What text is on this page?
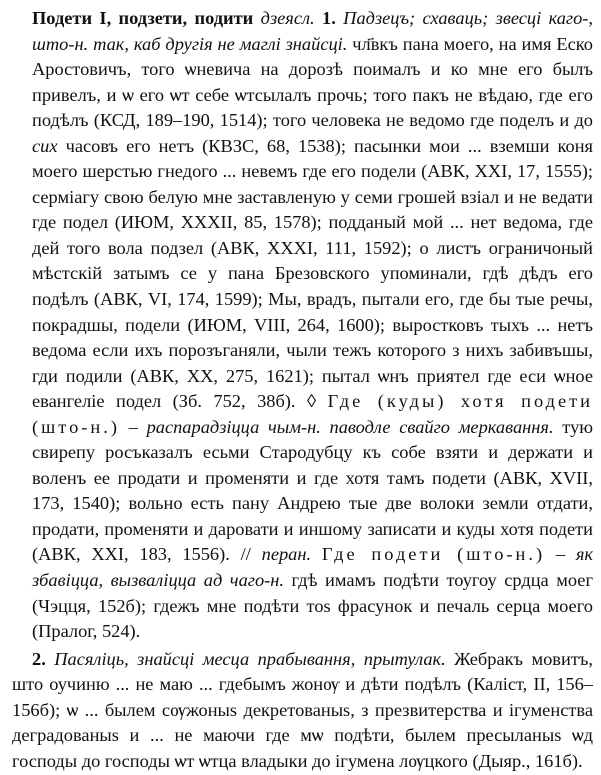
Подети I, подзети, подити дзеясл. 1. Падзецъ; схаваць; звесці каго-, што-н. так, каб другія не маглі знайсці. чл҃вкъ пана моего, на имя Еско Аростовичъ, того ѡневича на дорозѣ поималъ и ко мне его былъ привелъ, и ѡ его ѡт себе ѡтсылалъ прочь; того пакъ не вѣдаю, где его подѣлъ (КСД, 189–190, 1514); того человека не ведомо где поделъ и до сих часовъ его нетъ (КВЗС, 68, 1538); пасынки мои ... вземши коня моего шерстью гнедого ... невемъ где его подели (АВК, XXI, 17, 1555); серміагу свою белую мне заставленую у семи грошей взіал и не ведати где подел (ИЮМ, XXXII, 85, 1578); подданый мой ... нет ведома, где дей того вола подзел (АВК, XXXI, 111, 1592); о листъ ограничоный мѣстскій затымъ се у пана Брезовского упоминали, гдѣ дѣдъ его подѣлъ (АВК, VI, 174, 1599); Мы, врадъ, пытали его, где бы тые речы, покрадшы, подели (ИЮМ, VIII, 264, 1600); выростковъ тыхъ ... нетъ ведома если ихъ порозъганяли, чыли тежъ которого з нихъ забивъшы, гди подили (АВК, XX, 275, 1621); пытал ѡнъ приятел где еси ѡное евангеліе подел (Зб. 752, 38б). ◊ Где (куды) хотя подети (што-н.) – распарадзіцца чым-н. паводле свайго меркавання. тую свирепу росъказалъ есьми Стародубцу къ собе взяти и держати и воленъ ее продати и променяти и где хотя тамъ подети (АВК, XVII, 173, 1540); вольно есть пану Андрею тые две волоки земли отдати, продати, променяти и даровати и иншому записати и куды хотя подети (АВК, XXI, 183, 1556). // перан. Где подети (што-н.) – як збавіцца, вызваліцца ад чаго-н. гдѣ имамъ подѣти тоугоу срдца моег (Чэцця, 152б); гдежъ мне подѣти тоѕ фрасунок и печаль серца моего (Пралог, 524).

2. Пасяліць, знайсці месца прабывання, прытулак. Жебракъ мовитъ, што оучиню ... не маю ... гдебымъ жонѹ и дѣти подѣлъ (Каліст, II, 156–156б); ѡ ... былем сѹжоныѕ декретованыѕ, з презвитерства и ігуменства деградованыѕ и ... не маючи где мѡ подѣти, былем пресыланыѕ ѡд господы до господы ѡт ѡтца владыки до ігумена лѹцкого (Дыяр., 161б).
